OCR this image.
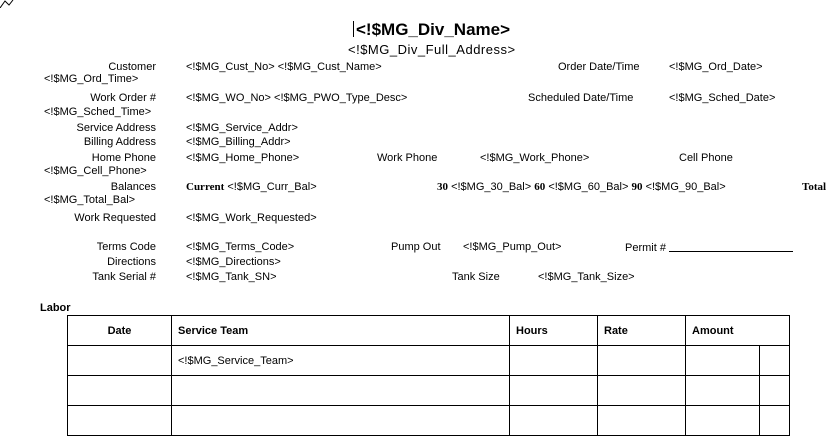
<!$MG_Div_Name>
<!$MG_Div_Full_Address>
Customer	<!$MG_Cust_No> <!$MG_Cust_Name>	Order Date/Time	<!$MG_Ord_Date>
<!$MG_Ord_Time>
Work Order #	<!$MG_WO_No> <!$MG_PWO_Type_Desc>	Scheduled Date/Time	<!$MG_Sched_Date>
<!$MG_Sched_Time>
Service Address	<!$MG_Service_Addr>
Billing Address	<!$MG_Billing_Addr>
Home Phone	<!$MG_Home_Phone>	Work Phone	<!$MG_Work_Phone>	Cell Phone
<!$MG_Cell_Phone>
Balances	Current <!$MG_Curr_Bal>	30 <!$MG_30_Bal> 60 <!$MG_60_Bal> 90 <!$MG_90_Bal>	Total
<!$MG_Total_Bal>
Work Requested	<!$MG_Work_Requested>
Terms Code	<!$MG_Terms_Code>	Pump Out <!$MG_Pump_Out>	Permit #
Directions	<!$MG_Directions>
Tank Serial #	<!$MG_Tank_SN>	Tank Size	<!$MG_Tank_Size>
Labor
Date	Service Team	Hours	Rate	Amount	
	<!$MG_Service_Team>				
